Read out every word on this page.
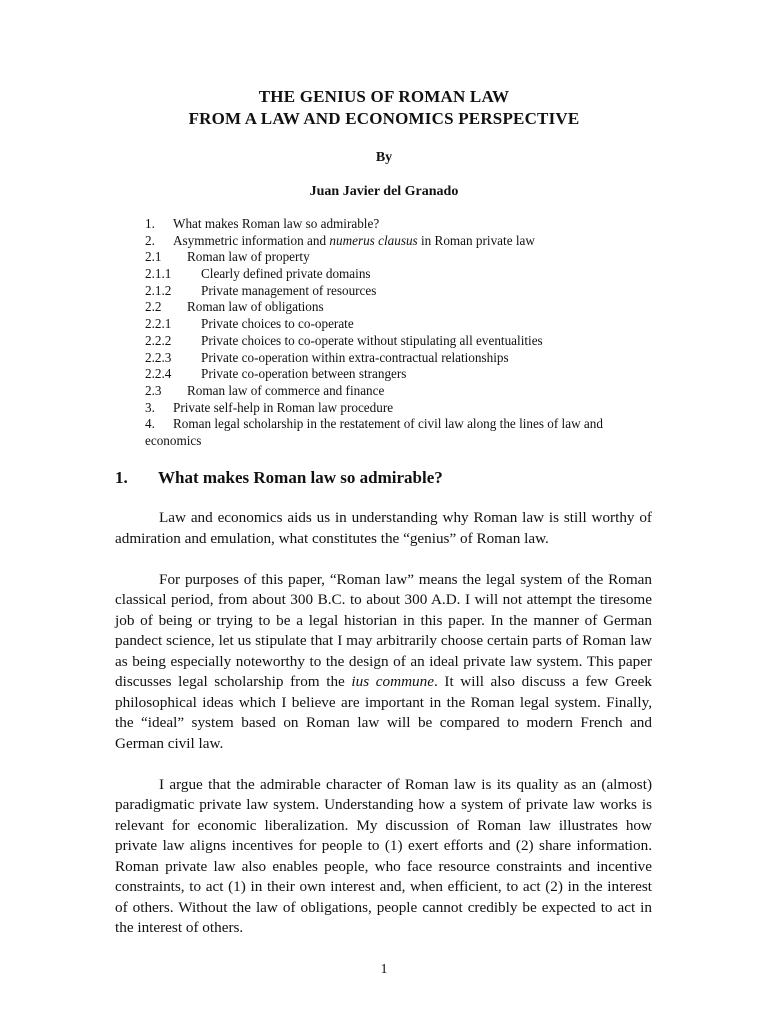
THE GENIUS OF ROMAN LAW
FROM A LAW AND ECONOMICS PERSPECTIVE
By
Juan Javier del Granado
1.	What makes Roman law so admirable?
2.	Asymmetric information and numerus clausus in Roman private law
2.1	Roman law of property
2.1.1	Clearly defined private domains
2.1.2	Private management of resources
2.2	Roman law of obligations
2.2.1	Private choices to co-operate
2.2.2	Private choices to co-operate without stipulating all eventualities
2.2.3	Private co-operation within extra-contractual relationships
2.2.4	Private co-operation between strangers
2.3	Roman law of commerce and finance
3.	Private self-help in Roman law procedure
4. Roman legal scholarship in the restatement of civil law along the lines of law and economics
1.	What makes Roman law so admirable?

Law and economics aids us in understanding why Roman law is still worthy of admiration and emulation, what constitutes the “genius” of Roman law.

For purposes of this paper, “Roman law” means the legal system of the Roman classical period, from about 300 B.C. to about 300 A.D. I will not attempt the tiresome job of being or trying to be a legal historian in this paper. In the manner of German pandect science, let us stipulate that I may arbitrarily choose certain parts of Roman law as being especially noteworthy to the design of an ideal private law system. This paper discusses legal scholarship from the ius commune. It will also discuss a few Greek philosophical ideas which I believe are important in the Roman legal system. Finally, the “ideal” system based on Roman law will be compared to modern French and German civil law.

I argue that the admirable character of Roman law is its quality as an (almost) paradigmatic private law system. Understanding how a system of private law works is relevant for economic liberalization. My discussion of Roman law illustrates how private law aligns incentives for people to (1) exert efforts and (2) share information. Roman private law also enables people, who face resource constraints and incentive constraints, to act (1) in their own interest and, when efficient, to act (2) in the interest of others. Without the law of obligations, people cannot credibly be expected to act in the interest of others.

1
